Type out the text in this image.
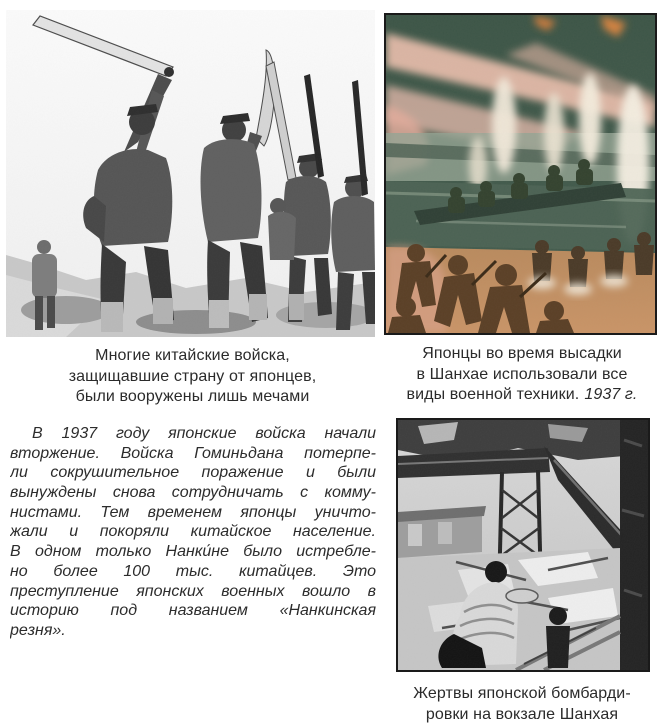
Многие китайские войска,
защищавшие страну от японцев,
были вооружены лишь мечами
Японцы во время высадки
в Шанхае использовали все
виды военной техники. 1937 г.
В 1937 году японские войска начали
вторжение. Войска Гоминьдана потерпе-
ли сокрушительное поражение и были
вынуждены снова сотрудничать с комму-
нистами. Тем временем японцы уничто-
жали и покоряли китайское население.
В одном только Нанки́не было истребле-
но более 100 тыс. китайцев. Это
преступление японских военных вошло в
историю под названием «Нанкинская
резня».
Жертвы японской бомбарди-
ровки на вокзале Шанхая
